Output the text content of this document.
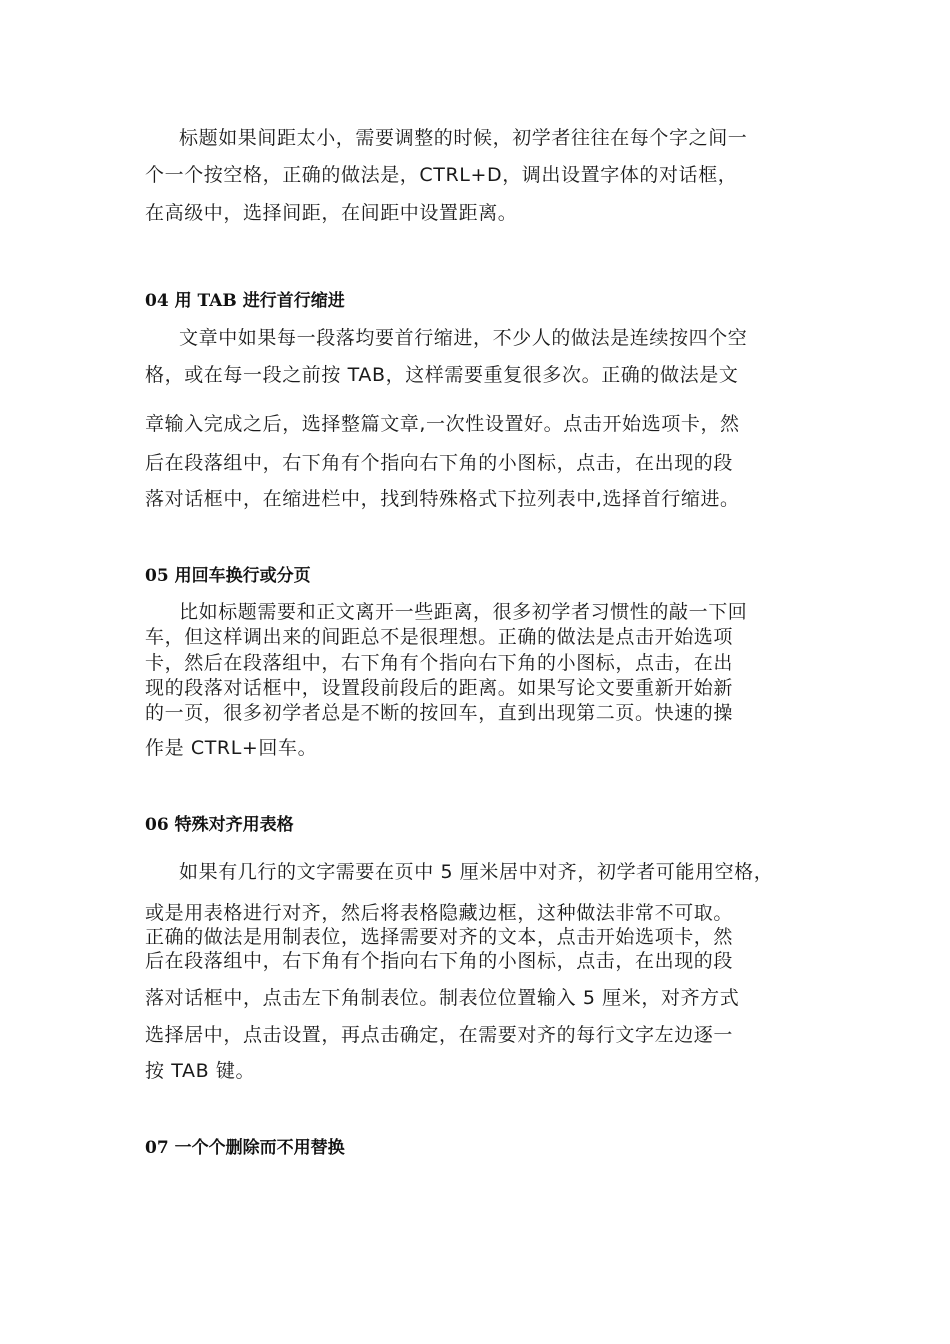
标题如果间距太小，需要调整的时候，初学者往往在每个字之间一
个一个按空格，正确的做法是，CTRL+D，调出设置字体的对话框，
在高级中，选择间距，在间距中设置距离。
04 用 TAB 进行首行缩进
文章中如果每一段落均要首行缩进，不少人的做法是连续按四个空
格，或在每一段之前按 TAB，这样需要重复很多次。正确的做法是文
章输入完成之后，选择整篇文章,一次性设置好。点击开始选项卡，然
后在段落组中，右下角有个指向右下角的小图标，点击，在出现的段
落对话框中，在缩进栏中，找到特殊格式下拉列表中,选择首行缩进。
05 用回车换行或分页
比如标题需要和正文离开一些距离，很多初学者习惯性的敲一下回
车，但这样调出来的间距总不是很理想。正确的做法是点击开始选项
卡，然后在段落组中，右下角有个指向右下角的小图标，点击，在出
现的段落对话框中，设置段前段后的距离。如果写论文要重新开始新
的一页，很多初学者总是不断的按回车，直到出现第二页。快速的操
作是 CTRL+回车。
06 特殊对齐用表格
如果有几行的文字需要在页中 5 厘米居中对齐，初学者可能用空格，
或是用表格进行对齐，然后将表格隐藏边框，这种做法非常不可取。
正确的做法是用制表位，选择需要对齐的文本，点击开始选项卡，然
后在段落组中，右下角有个指向右下角的小图标，点击，在出现的段
落对话框中，点击左下角制表位。制表位位置输入 5 厘米，对齐方式
选择居中，点击设置，再点击确定，在需要对齐的每行文字左边逐一
按 TAB 键。
07 一个个删除而不用替换
